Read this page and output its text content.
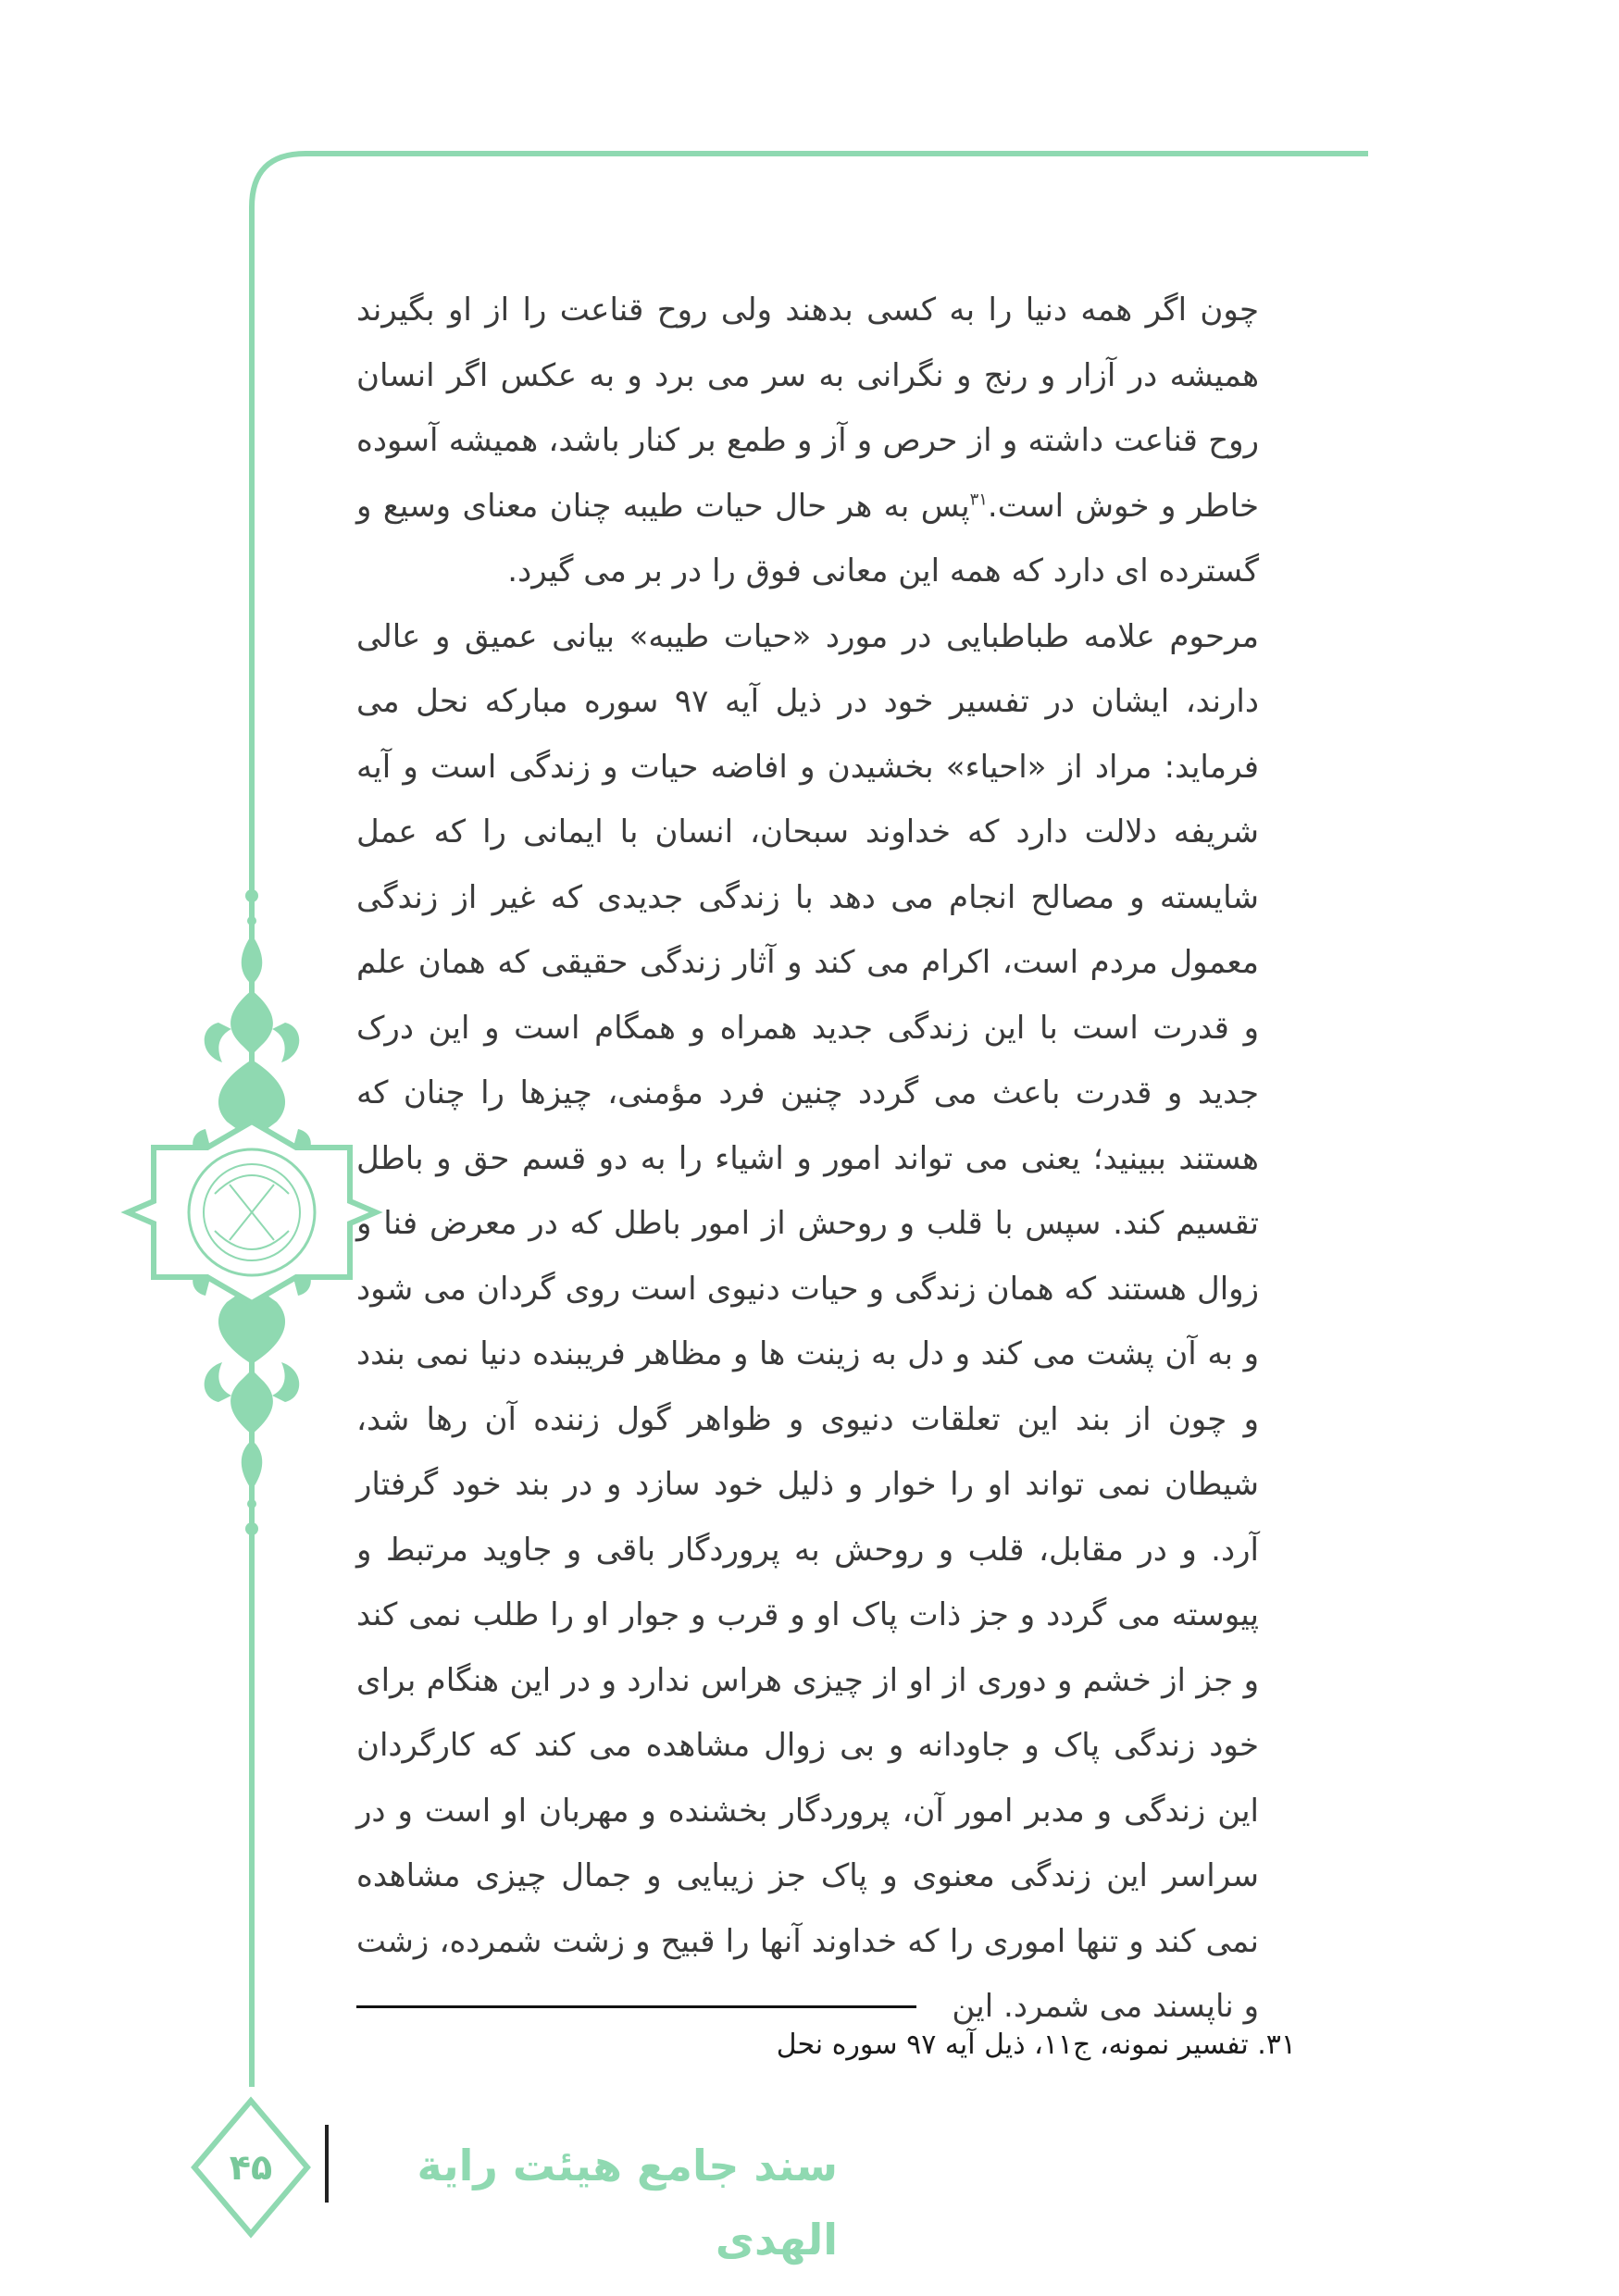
چون اگر همه دنیا را به کسی بدهند ولی روح قناعت را از او بگیرند همیشه در آزار و رنج و نگرانی به سر می برد و به عکس اگر انسان روح قناعت داشته و از حرص و آز و طمع بر کنار باشد، همیشه آسوده خاطر و خوش است.$^{۳۱}$پس به هر حال حیات طیبه چنان معنای وسیع و گسترده ای دارد که همه این معانی فوق را در بر می گیرد.

مرحوم علامه طباطبایی در مورد «حیات طیبه» بیانی عمیق و عالی دارند، ایشان در تفسیر خود در ذیل آیه ۹۷ سوره مبارکه نحل می فرماید: مراد از «احیاء» بخشیدن و افاضه حیات و زندگی است و آیه شریفه دلالت دارد که خداوند سبحان، انسان با ایمانی را که عمل شایسته و مصالح انجام می دهد با زندگی جدیدی که غیر از زندگی معمول مردم است، اکرام می کند و آثار زندگی حقیقی که همان علم و قدرت است با این زندگی جدید همراه و همگام است و این درک جدید و قدرت باعث می گردد چنین فرد مؤمنی، چیزها را چنان که هستند ببینید؛ یعنی می تواند امور و اشیاء را به دو قسم حق و باطل تقسیم کند. سپس با قلب و روحش از امور باطل که در معرض فنا و زوال هستند که همان زندگی و حیات دنیوی است روی گردان می شود و به آن پشت می کند و دل به زینت ها و مظاهر فریبنده دنیا نمی بندد و چون از بند این تعلقات دنیوی و ظواهر گول زننده آن رها شد، شیطان نمی تواند او را خوار و ذلیل خود سازد و در بند خود گرفتار آرد. و در مقابل، قلب و روحش به پروردگار باقی و جاوید مرتبط و پیوسته می گردد و جز ذات پاک او و قرب و جوار او را طلب نمی کند و جز از خشم و دوری از او از چیزی هراس ندارد و در این هنگام برای خود زندگی پاک و جاودانه و بی زوال مشاهده می کند که کارگردان این زندگی و مدبر امور آن، پروردگار بخشنده و مهربان او است و در سراسر این زندگی معنوی و پاک جز زیبایی و جمال چیزی مشاهده نمی کند و تنها اموری را که خداوند آنها را قبیح و زشت شمرده، زشت و ناپسند می شمرد. این

۳۱. تفسیر نمونه، ج۱۱، ذیل آیه ۹۷ سوره نحل
سند جامع هیئت رایة الهدی
۴۵
